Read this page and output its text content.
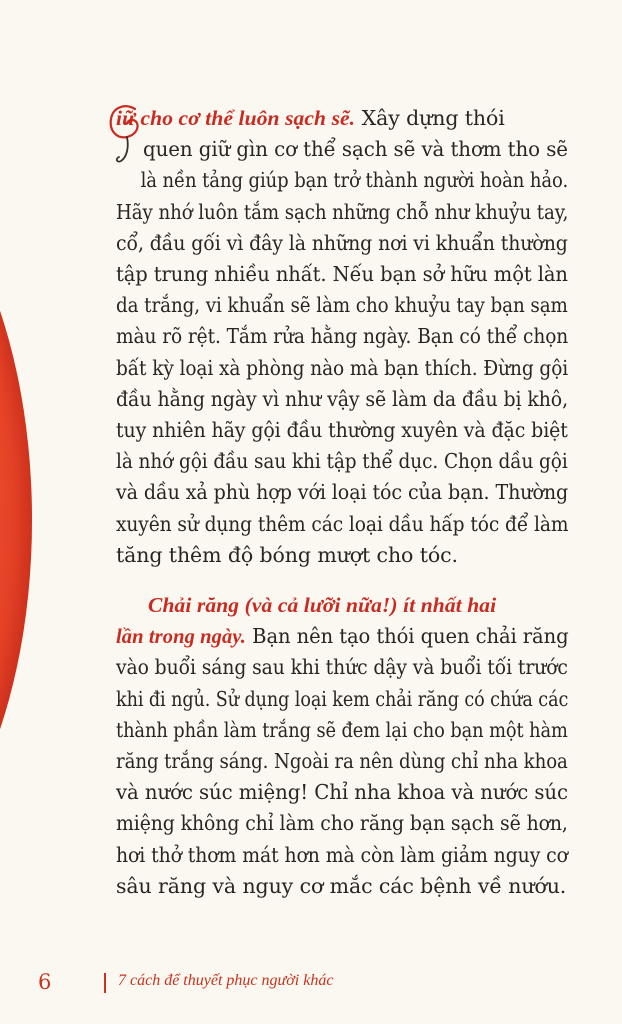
G
iữ cho cơ thể luôn sạch sẽ. Xây dựng thói
quen giữ gìn cơ thể sạch sẽ và thơm tho sẽ
là nền tảng giúp bạn trở thành người hoàn hảo.
Hãy nhớ luôn tắm sạch những chỗ như khuỷu tay,
cổ, đầu gối vì đây là những nơi vi khuẩn thường
tập trung nhiều nhất. Nếu bạn sở hữu một làn
da trắng, vi khuẩn sẽ làm cho khuỷu tay bạn sạm
màu rõ rệt. Tắm rửa hằng ngày. Bạn có thể chọn
bất kỳ loại xà phòng nào mà bạn thích. Đừng gội
đầu hằng ngày vì như vậy sẽ làm da đầu bị khô,
tuy nhiên hãy gội đầu thường xuyên và đặc biệt
là nhớ gội đầu sau khi tập thể dục. Chọn dầu gội
và dầu xả phù hợp với loại tóc của bạn. Thường
xuyên sử dụng thêm các loại dầu hấp tóc để làm
tăng thêm độ bóng mượt cho tóc.
Chải răng (và cả lưỡi nữa!) ít nhất hai
lần trong ngày. Bạn nên tạo thói quen chải răng
vào buổi sáng sau khi thức dậy và buổi tối trước
khi đi ngủ. Sử dụng loại kem chải răng có chứa các
thành phần làm trắng sẽ đem lại cho bạn một hàm
răng trắng sáng. Ngoài ra nên dùng chỉ nha khoa
và nước súc miệng! Chỉ nha khoa và nước súc
miệng không chỉ làm cho răng bạn sạch sẽ hơn,
hơi thở thơm mát hơn mà còn làm giảm nguy cơ
sâu răng và nguy cơ mắc các bệnh về nướu.
6	7 cách để thuyết phục người khác
